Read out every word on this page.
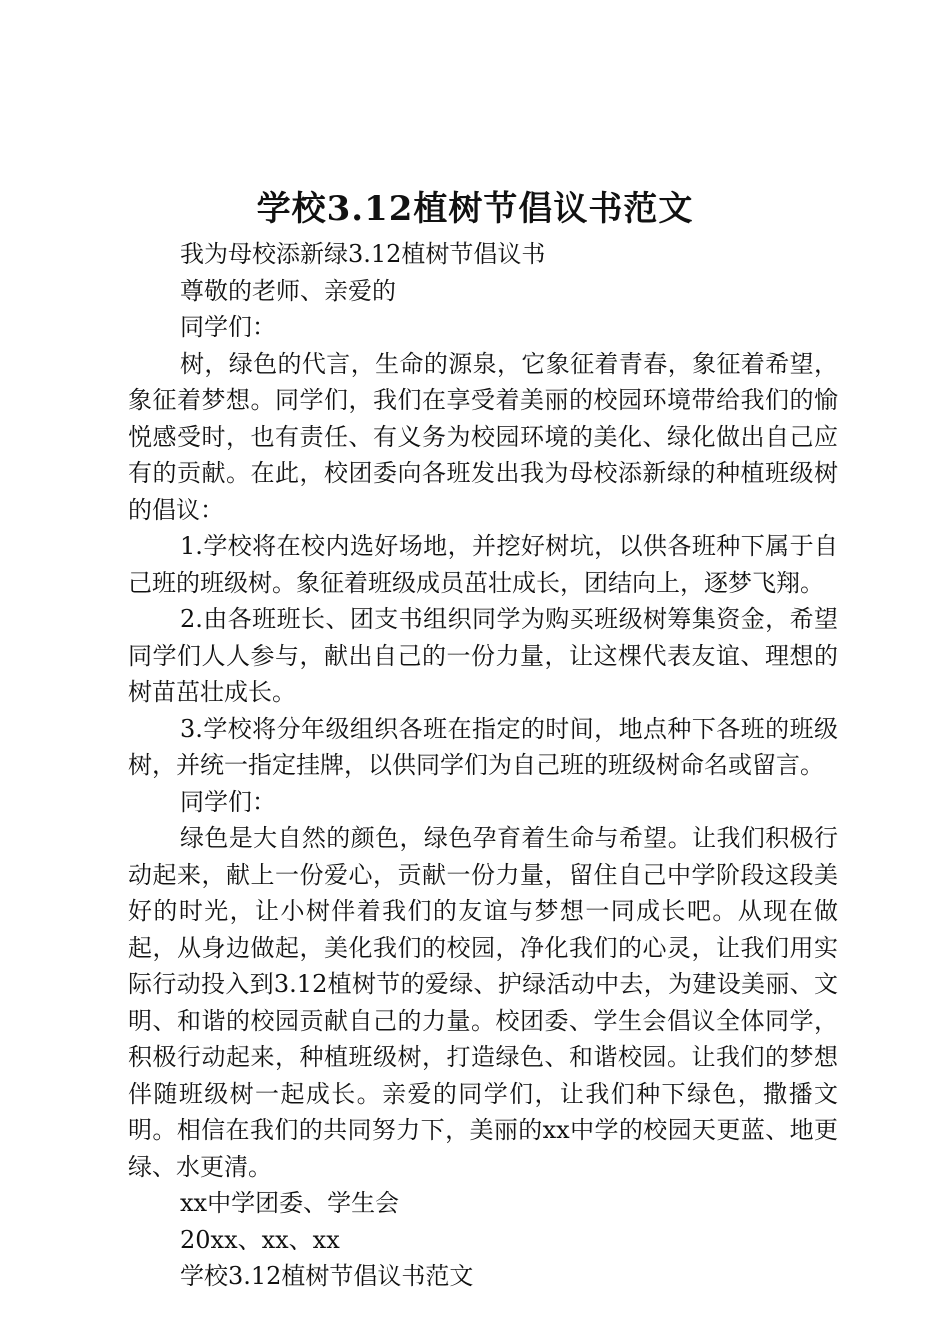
学校3.12植树节倡议书范文

我为母校添新绿3.12植树节倡议书

尊敬的老师、亲爱的

同学们：

树，绿色的代言，生命的源泉，它象征着青春，象征着希望，象征着梦想。同学们，我们在享受着美丽的校园环境带给我们的愉悦感受时，也有责任、有义务为校园环境的美化、绿化做出自己应有的贡献。在此，校团委向各班发出我为母校添新绿的种植班级树的倡议：

1.学校将在校内选好场地，并挖好树坑，以供各班种下属于自己班的班级树。象征着班级成员茁壮成长，团结向上，逐梦飞翔。

2.由各班班长、团支书组织同学为购买班级树筹集资金，希望同学们人人参与，献出自己的一份力量，让这棵代表友谊、理想的树苗茁壮成长。

3.学校将分年级组织各班在指定的时间，地点种下各班的班级树，并统一指定挂牌，以供同学们为自己班的班级树命名或留言。

同学们：

绿色是大自然的颜色，绿色孕育着生命与希望。让我们积极行动起来，献上一份爱心，贡献一份力量，留住自己中学阶段这段美好的时光，让小树伴着我们的友谊与梦想一同成长吧。从现在做起，从身边做起，美化我们的校园，净化我们的心灵，让我们用实际行动投入到3.12植树节的爱绿、护绿活动中去，为建设美丽、文明、和谐的校园贡献自己的力量。校团委、学生会倡议全体同学，积极行动起来，种植班级树，打造绿色、和谐校园。让我们的梦想伴随班级树一起成长。亲爱的同学们，让我们种下绿色，撒播文明。相信在我们的共同努力下，美丽的xx中学的校园天更蓝、地更绿、水更清。

xx中学团委、学生会

20xx、xx、xx

学校3.12植树节倡议书范文
